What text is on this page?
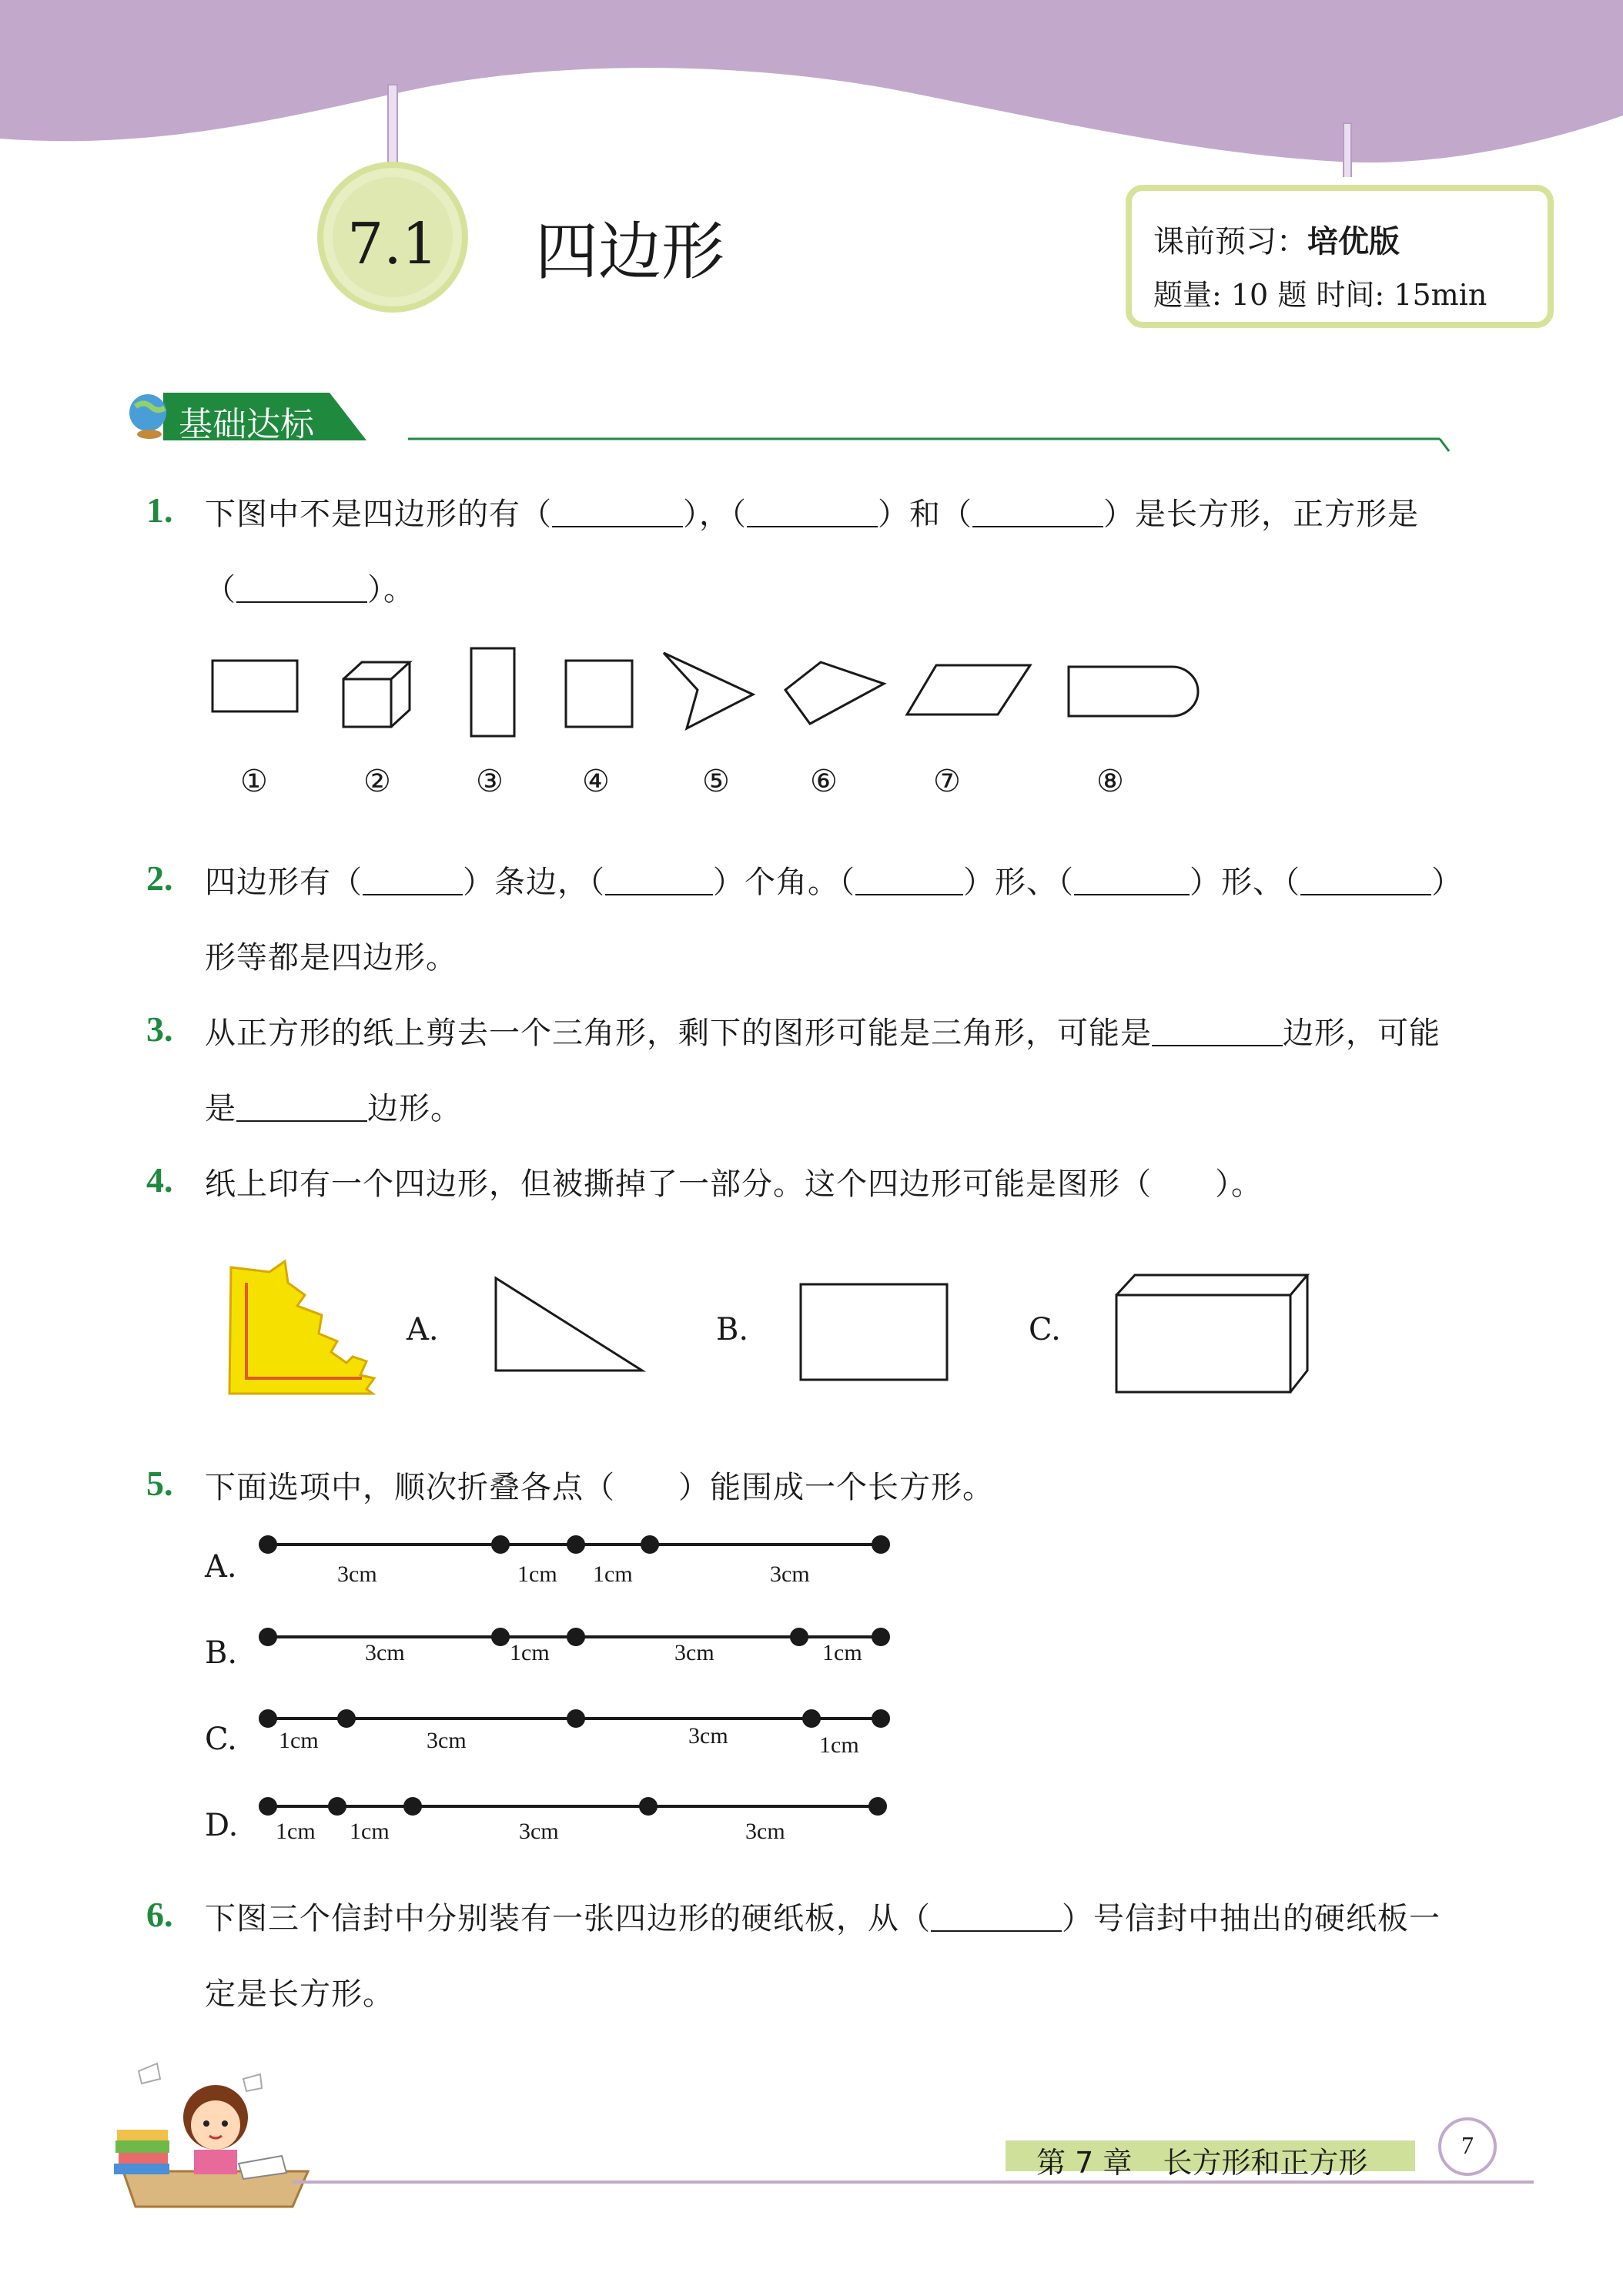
7.1	四边形	课前预习：培优版
题量: 10 题 时间: 15min
基础达标
1. 下图中不是四边形的有（	），（	）和（	）是长方形，正方形是
（	）。
①	②	③	④	⑤	⑥	⑦	⑧
2. 四边形有（	）条边，（	）个角。（	）形、（	）形、（	）
形等都是四边形。
3. 从正方形的纸上剪去一个三角形，剩下的图形可能是三角形，可能是	边形，可能
是	边形。
4. 纸上印有一个四边形，但被撕掉了一部分。这个四边形可能是图形（　　）。
A.	B.	C.
5. 下面选项中，顺次折叠各点（　　）能围成一个长方形。
A.	3cm	1cm 1cm	3cm
B.	3cm	1cm	3cm	1cm
C. 1cm	3cm	3cm	1cm
D. 1cm 1cm	3cm	3cm
6. 下图三个信封中分别装有一张四边形的硬纸板，从（	）号信封中抽出的硬纸板一
定是长方形。
第 7 章 长方形和正方形
7
